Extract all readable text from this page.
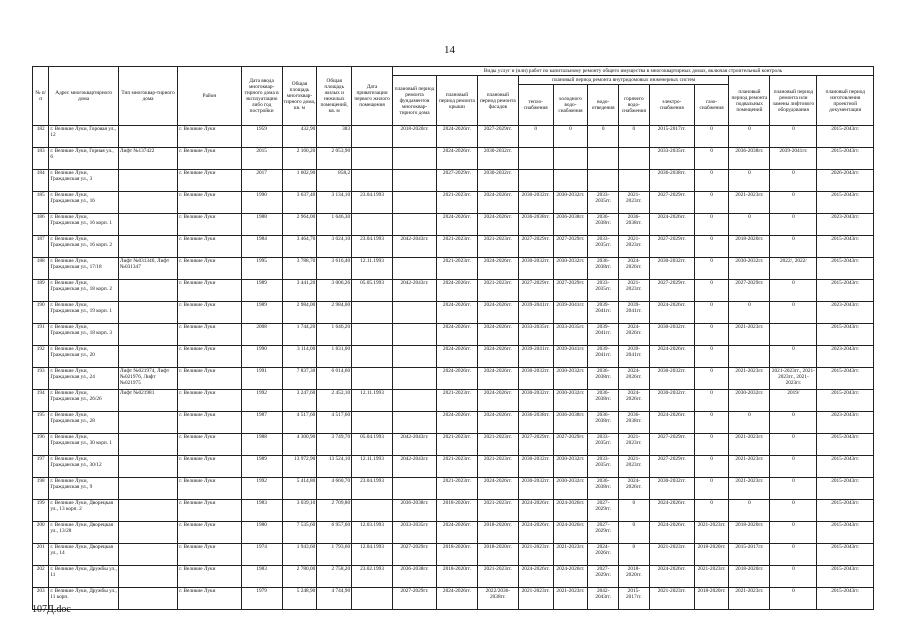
14
№ п/п	Адрес многоквартирного дома	Тип многоквар-тирного дома	Район	Дата ввода многоквар-тирного дома в эксплуатацию либо год постройки	Общая площадь многоквар-тирного дома, кв. м	Общая площадь жилых и нежилых помещений, кв. м	Дата приватизации первого жилого помещения	Виды услуг и (или) работ по капитальному ремонту общего имущества в многоквартирных домах, включая строительный контроль											
								плановый период ремонта фундаментов многоквар-тирного дома	плановый период ремонта крыши	плановый период ремонта фасадов	плановый период ремонта внутридомовых инженерных систем						плановый период ремонта подвальных помещений	плановый период ремонта или замены лифтового оборудования	плановый период изготовления проектной документации
											тепло-снабжения	холодного водо-снабжения	водо-отведения	горячего водо-снабжения	электро-снабжения	газо-снабжения			
182	г. Великие Луки, Горовая ул., 12		г. Великие Луки	1959	432,90	383		2018-2020гг.	2024-2026гг.	2027-2029гг.	0	0	0	0	2015-2017гг.	0	0	0	2015-2043гг.
183	г. Великие Луки, Горная ул., 6	Лифт №137422	г. Великие Луки	2015	2 160,20	2 053,90			2024-2026гг.	2030-2032гг.					2033-2035гг.	0	2036-2038гг.	2039-2041гг.	2015-2043гг.
184	г. Великие Луки, Гражданская ул., 3		г. Великие Луки	2017	1 602,90	858,2			2027-2029гг.	2030-2032гг.					2036-2038гг.	0	0	0	2026-2043гг.
185	г. Великие Луки, Гражданская ул., 16		г. Великие Луки	1990	3 637,40	3 134,10	23.04.1993		2021-2023гг.	2024-2026гг.	2030-2032гг.	2030-2032гг.	2033-2035гг.	2021-2023гг.	2027-2029гг.	0	2021-2023гг.	0	2015-2043гг.
186	г. Великие Луки, Гражданская ул., 16 корп. 1		г. Великие Луки	1988	2 964,00	1 646,30			2024-2026гг.	2024-2026гг.	2036-2038гг.	2036-2038гг.	2036-2038гг.	2036-2038гг.	2024-2026гг.	0	0	0	2023-2043гг.
187	г. Великие Луки, Гражданская ул., 16 корп. 2		г. Великие Луки	1984	3 464,70	3 024,10	23.04.1993	2042-2043гг.	2021-2023гг.	2021-2023гг.	2027-2029гг.	2027-2029гг.	2033-2035гг.	2021-2023гг.	2027-2029гг.	0	2018-2020гг.	0	2015-2043гг.
188	г. Великие Луки, Гражданская ул., 17/18	Лифт №031346, Лифт №031347	г. Великие Луки	1995	3 788,70	3 616,40	12.11.1993		2021-2023гг.	2024-2026гг.	2030-2032гг.	2030-2032гг.	2036-2038гг.	2024-2026гг.	2030-2032гг.	0	2030-2032гг.	2022/, 2022/	2015-2043гг.
189	г. Великие Луки, Гражданская ул., 18 корп. 2		г. Великие Луки	1989	3 441,20	3 006,26	05.05.1993	2042-2043гг.	2024-2026гг.	2021-2023гг.	2027-2029гг.	2027-2029гг.	2033-2035гг.	2021-2023гг.	2027-2029гг.	0	2027-2029гг.	0	2015-2043гг.
190	г. Великие Луки, Гражданская ул., 19 корп. 1		г. Великие Луки	1989	2 984,00	2 984,00			2024-2026гг.	2024-2026гг.	2039-2041гг.	2039-2041гг.	2039-2041гг.	2039-2041гг.	2024-2026гг.	0	0	0	2023-2043гг.
191	г. Великие Луки, Гражданская ул., 18 корп. 3		г. Великие Луки	2008	1 744,20	1 646,20			2024-2026гг.	2024-2026гг.	2033-2035гг.	2033-2035гг.	2039-2041гг.	2024-2026гг.	2030-2032гг.	0	2021-2023гг.		2015-2043гг.
192	г. Великие Луки, Гражданская ул., 20		г. Великие Луки	1990	3 114,00	1 831,00			2024-2026гг.	2024-2026гг.	2039-2041гг.	2039-2041гг.	2039-2041гг.	2039-2041гг.	2024-2026гг.	0		0	2023-2043гг.
193	г. Великие Луки, Гражданская ул., 24	Лифт №021974, Лифт №021976, Лифт №021975	г. Великие Луки	1991	7 837,30	6 014,60			2024-2026гг.	2024-2026гг.	2030-2032гг.	2030-2032гг.	2036-2038гг.	2024-2026гг.	2030-2032гг.	0	2021-2023гг.	2021-2023гг., 2021-2023гг., 2021-2023гг.	2015-2043гг.
194	г. Великие Луки, Гражданская ул., 26/26	Лифт №021981	г. Великие Луки	1992	3 247,60	2 452,10	12.11.1993		2021-2023гг.	2024-2026гг.	2030-2032гг.	2030-2032гг.	2036-2038гг.	2024-2026гг.	2030-2032гг.	0	2030-2032гг.	2019/	2015-2043гг.
195	г. Великие Луки, Гражданская ул., 28		г. Великие Луки	1987	4 517,60	4 517,60			2024-2026гг.	2024-2026гг.	2036-2038гг.	2036-2038гг.	2036-2038гг.	2036-2038гг.	2024-2026гг.	0	0	0	2023-2043гг.
196	г. Великие Луки, Гражданская ул., 30 корп. 1		г. Великие Луки	1988	4 300,90	3 749,70	05.04.1993	2042-2043гг.	2021-2023гг.	2021-2023гг.	2027-2029гг.	2027-2029гг.	2033-2035гг.	2021-2023гг.	2027-2029гг.	0	2021-2023гг.	0	2015-2043гг.
197	г. Великие Луки, Гражданская ул., 30/12		г. Великие Луки	1989	13 972,90	13 524,10	12.11.1993	2042-2043гг.	2021-2023гг.	2021-2023гг.	2030-2032гг.	2030-2032гг.	2033-2035гг.	2021-2023гг.	2027-2029гг.	0	2021-2023гг.	0	2015-2043гг.
198	г. Великие Луки, Гражданская ул., 9		г. Великие Луки	1992	5 414,80	4 660,70	23.04.1993		2021-2023гг.	2024-2026гг.	2030-2032гг.	2030-2032гг.	2036-2038гг.	2024-2026гг.	2030-2032гг.	0	2021-2023гг.	0	2015-2043гг.
199	г. Великие Луки, Дворецкая ул., 13 корп. 2		г. Великие Луки	1983	3 039,10	2 709,80		2036-2038гг.	2018-2020гг.	2021-2023гг.	2024-2026гг.	2024-2026гг.	2027-2029гг.	0	2024-2026гг.	0	0	0	2015-2043гг.
200	г. Великие Луки, Дворецкая ул., 13/28		г. Великие Луки	1980	7 535,60	6 957,60	12.03.1993	2033-2035гг.	2024-2026гг.	2018-2020гг.	2024-2026гг.	2024-2026гг.	2027-2029гг.	0	2024-2026гг.	2021-2023гг.	2018-2020гг.	0	2015-2043гг.
201	г. Великие Луки, Дворецкая ул., 14		г. Великие Луки	1974	1 943,60	1 793,60	12.04.1993	2027-2029гг.	2018-2020гг.	2018-2020гг.	2021-2023гг.	2021-2023гг.	2024-2026гг.	0	2021-2023гг.	2018-2020гг.	2015-2017гг.	0	2015-2043гг.
202	г. Великие Луки, Дружбы ул., 11		г. Великие Луки	1983	2 780,00	2 758,20	23.02.1993	2036-2038гг.	2018-2020гг.	2021-2023гг.	2024-2026гг.	2024-2026гг.	2027-2029гг.	2018-2020гг.	2024-2026гг.	2021-2023гг.	2018-2020гг.	0	2015-2043гг.
203	г. Великие Луки, Дружбы ул., 11 корп.		г. Великие Луки	1979	5 248,90	4 744,90		2027-2029гг.	2024-2026гг.	2022/2036-2038гг.	2021-2023гг.	2021-2023гг.	2042-2043гг.	2015-2017гг.	2021-2023гг.	2018-2020гг.	2021-2023гг.	0	2015-2043гг.
107Д.doc
